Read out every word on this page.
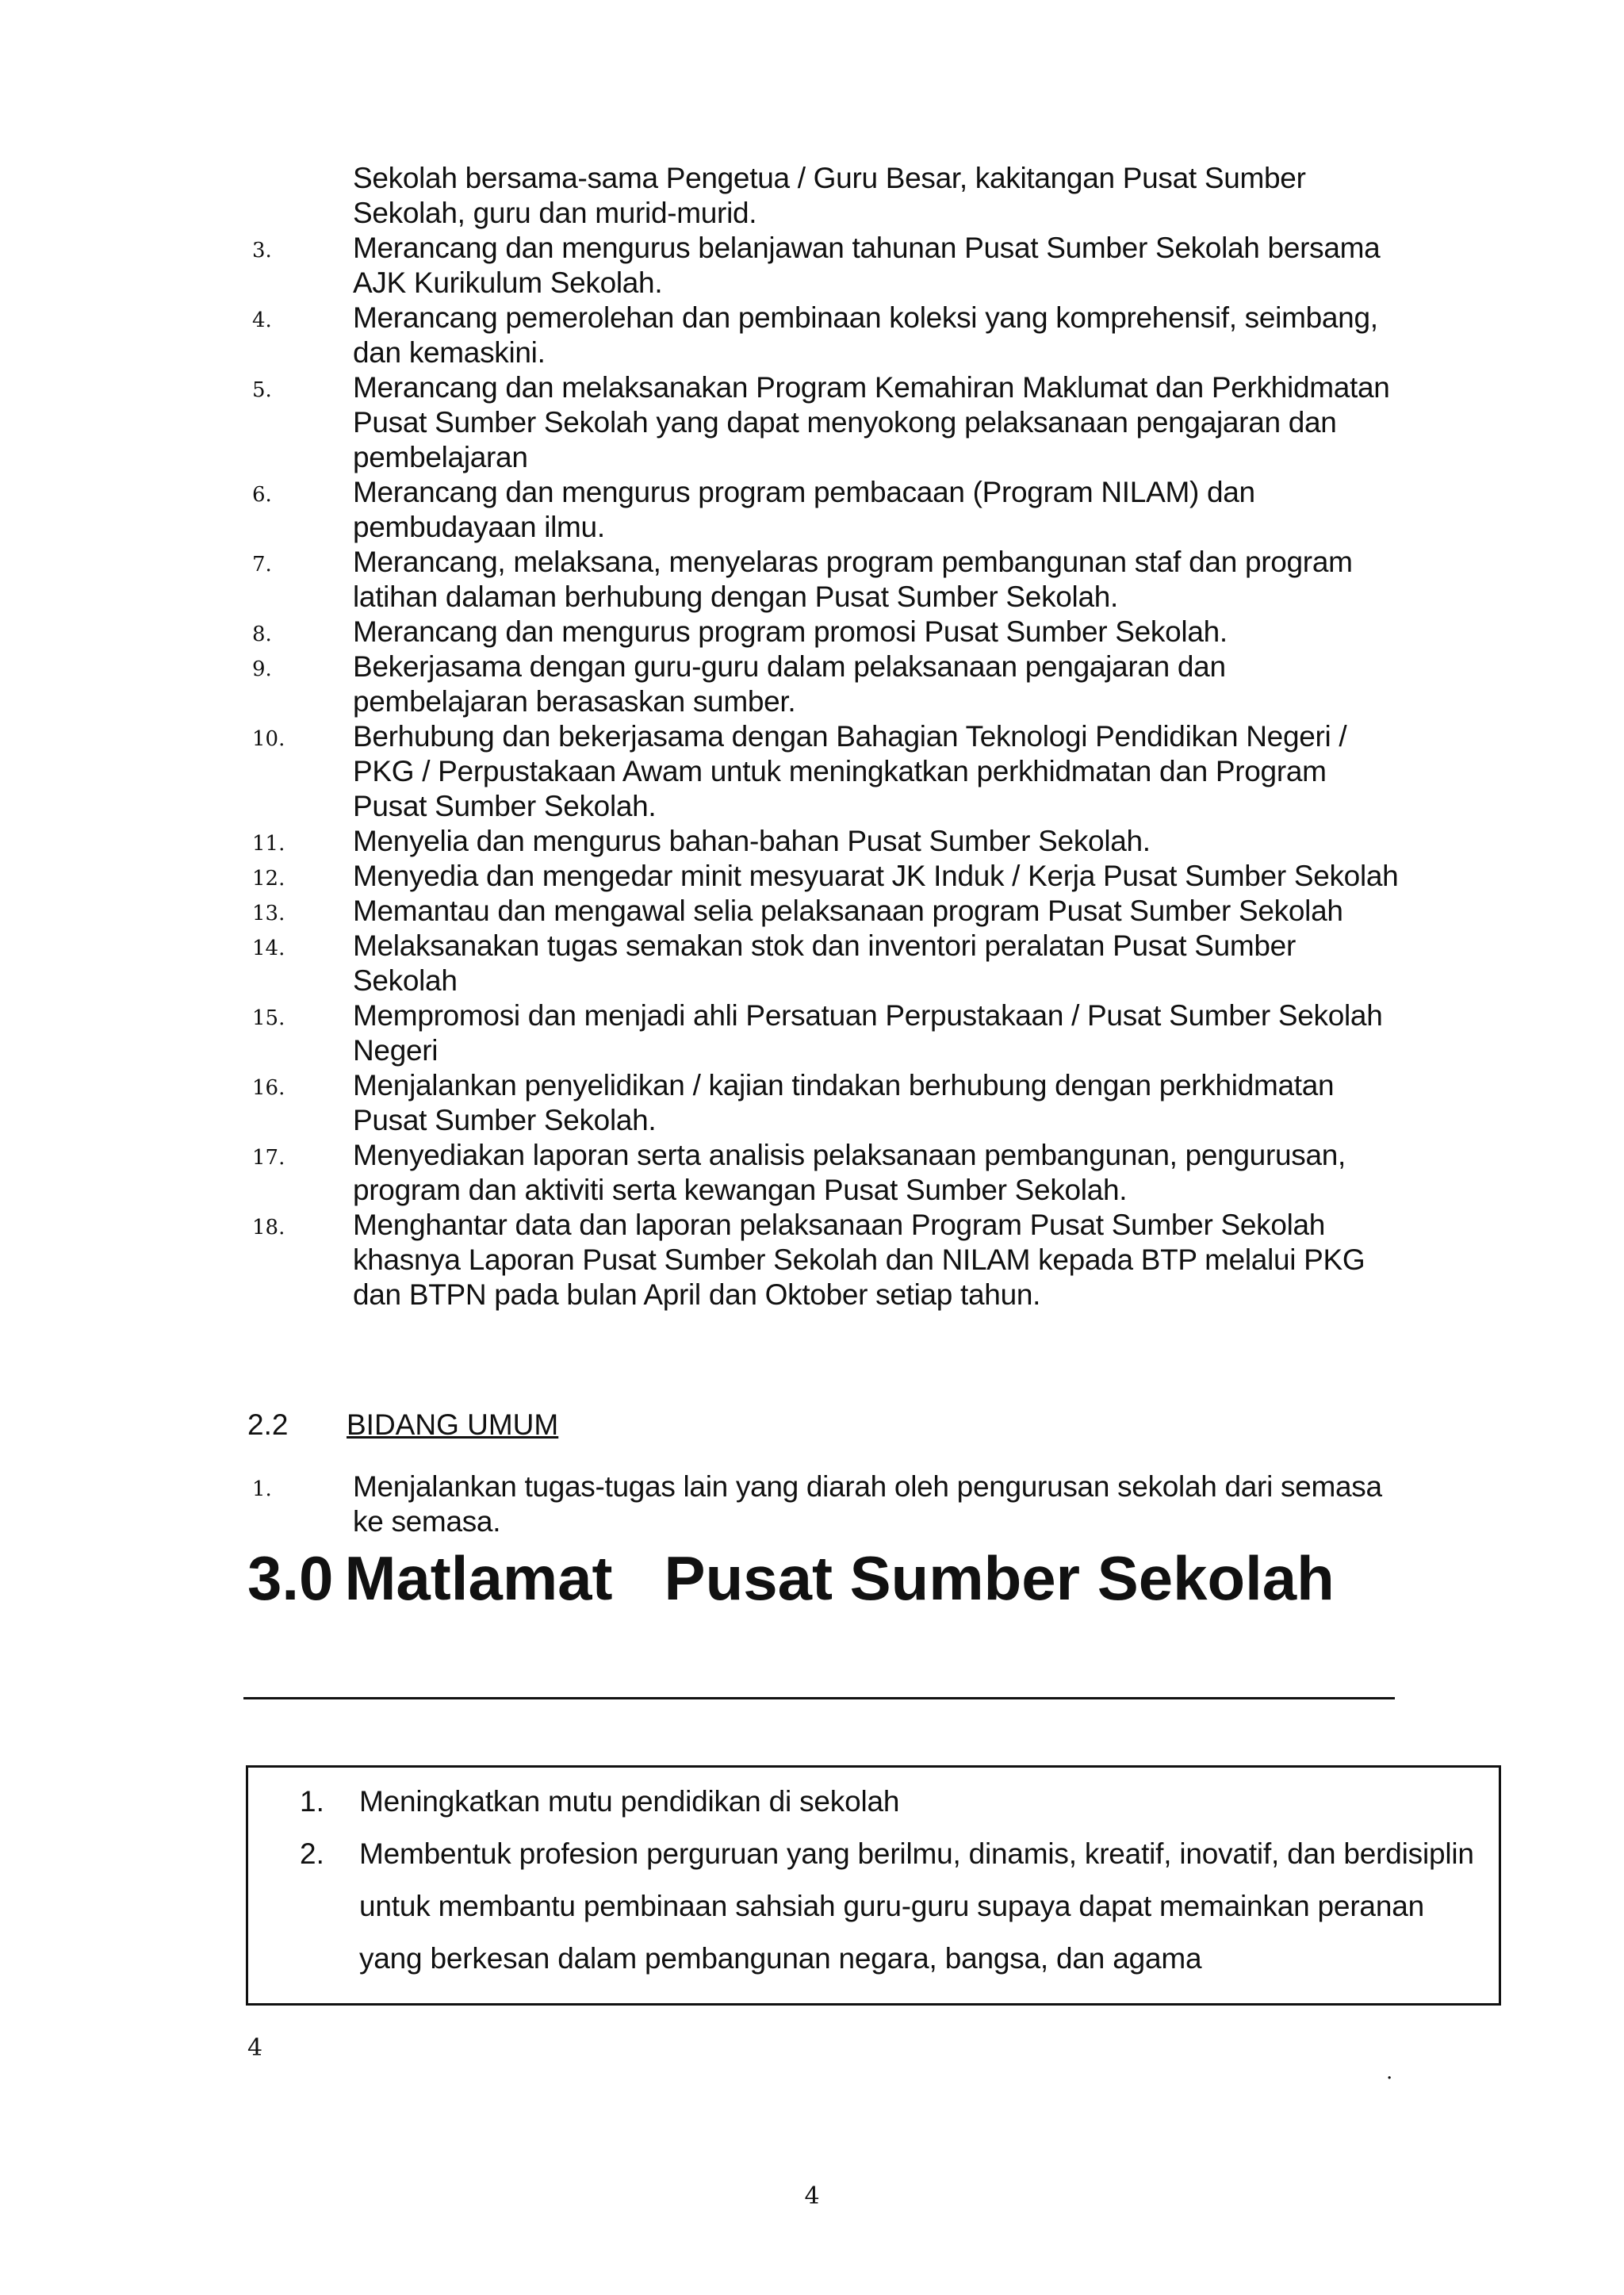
Sekolah bersama-sama Pengetua / Guru Besar, kakitangan Pusat Sumber Sekolah, guru dan murid-murid.
3.	Merancang dan mengurus belanjawan tahunan Pusat Sumber Sekolah bersama AJK Kurikulum Sekolah.
4.	Merancang pemerolehan dan pembinaan koleksi yang komprehensif, seimbang, dan kemaskini.
5.	Merancang dan melaksanakan Program Kemahiran Maklumat dan Perkhidmatan Pusat Sumber Sekolah yang dapat menyokong pelaksanaan pengajaran dan pembelajaran
6.	Merancang dan mengurus program pembacaan (Program NILAM) dan pembudayaan ilmu.
7.	Merancang, melaksana, menyelaras program pembangunan staf dan program latihan dalaman berhubung dengan Pusat Sumber Sekolah.
8.	Merancang dan mengurus program promosi Pusat Sumber Sekolah.
9.	Bekerjasama dengan guru-guru dalam pelaksanaan pengajaran dan pembelajaran berasaskan sumber.
10. Berhubung dan bekerjasama dengan Bahagian Teknologi Pendidikan Negeri / PKG / Perpustakaan Awam untuk meningkatkan perkhidmatan dan Program Pusat Sumber Sekolah.
11. Menyelia dan mengurus bahan-bahan Pusat Sumber Sekolah.
12. Menyedia dan mengedar minit mesyuarat JK Induk / Kerja Pusat Sumber Sekolah
13. Memantau dan mengawal selia pelaksanaan program Pusat Sumber Sekolah
14. Melaksanakan tugas semakan stok dan inventori peralatan Pusat Sumber Sekolah
15. Mempromosi dan menjadi ahli Persatuan Perpustakaan / Pusat Sumber Sekolah Negeri
16. Menjalankan penyelidikan / kajian tindakan berhubung dengan perkhidmatan Pusat Sumber Sekolah.
17. Menyediakan laporan serta analisis pelaksanaan pembangunan, pengurusan, program dan aktiviti serta kewangan Pusat Sumber Sekolah.
18. Menghantar data dan laporan pelaksanaan Program Pusat Sumber Sekolah khasnya Laporan Pusat Sumber Sekolah dan NILAM kepada BTP melalui PKG dan BTPN pada bulan April dan Oktober setiap tahun.
2.2 BIDANG UMUM
1.	Menjalankan tugas-tugas lain yang diarah oleh pengurusan sekolah dari semasa ke semasa.
3.0 Matlamat   Pusat Sumber Sekolah
1. Meningkatkan mutu pendidikan di sekolah
2. Membentuk profesion perguruan yang berilmu, dinamis, kreatif, inovatif, dan berdisiplin untuk membantu pembinaan sahsiah guru-guru supaya dapat memainkan peranan yang berkesan dalam pembangunan negara, bangsa, dan agama
4
.
4
